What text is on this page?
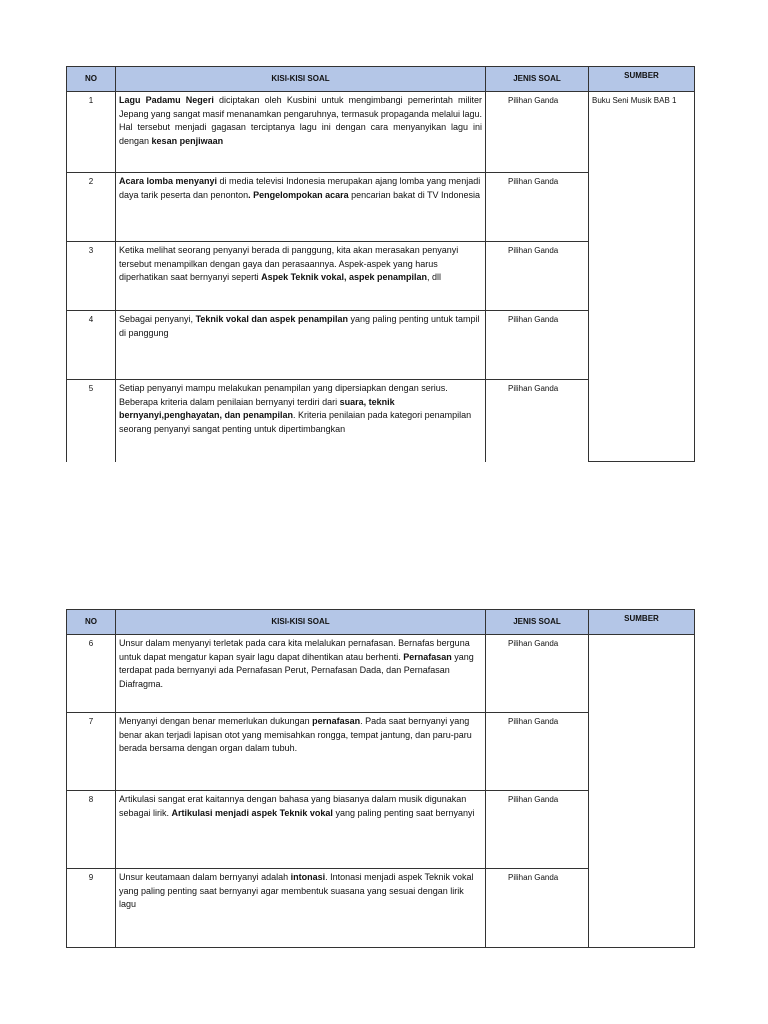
NO	KISI-KISI SOAL	JENIS SOAL	SUMBER
1	Lagu Padamu Negeri diciptakan oleh Kusbini untuk mengimbangi pemerintah militer Jepang yang sangat masif menanamkan pengaruhnya, termasuk propaganda melalui lagu. Hal tersebut menjadi gagasan terciptanya lagu ini dengan cara menyanyikan lagu ini dengan kesan penjiwaan	Pilihan Ganda	Buku Seni Musik BAB 1
2	Acara lomba menyanyi di media televisi Indonesia merupakan ajang lomba yang menjadi daya tarik peserta dan penonton. Pengelompokan acara pencarian bakat di TV Indonesia	Pilihan Ganda	
3	Ketika melihat seorang penyanyi berada di panggung, kita akan merasakan penyanyi tersebut menampilkan dengan gaya dan perasaannya. Aspek-aspek yang harus diperhatikan saat bernyanyi seperti Aspek Teknik vokal, aspek penampilan, dll	Pilihan Ganda	
4	Sebagai penyanyi, Teknik vokal dan aspek penampilan yang paling penting untuk tampil di panggung	Pilihan Ganda	
5	Setiap penyanyi mampu melakukan penampilan yang dipersiapkan dengan serius. Beberapa kriteria dalam penilaian bernyanyi terdiri dari suara, teknik bernyanyi,penghayatan, dan penampilan. Kriteria penilaian pada kategori penampilan seorang penyanyi sangat penting untuk dipertimbangkan	Pilihan Ganda	
NO	KISI-KISI SOAL	JENIS SOAL	SUMBER
6	Unsur dalam menyanyi terletak pada cara kita melalukan pernafasan. Bernafas berguna untuk dapat mengatur kapan syair lagu dapat dihentikan atau berhenti. Pernafasan yang terdapat pada bernyanyi ada Pernafasan Perut, Pernafasan Dada, dan Pernafasan Diafragma.	Pilihan Ganda	
7	Menyanyi dengan benar memerlukan dukungan pernafasan. Pada saat bernyanyi yang benar akan terjadi lapisan otot yang memisahkan rongga, tempat jantung, dan paru-paru berada bersama dengan organ dalam tubuh.	Pilihan Ganda	
8	Artikulasi sangat erat kaitannya dengan bahasa yang biasanya dalam musik digunakan sebagai lirik. Artikulasi menjadi aspek Teknik vokal yang paling penting saat bernyanyi	Pilihan Ganda	
9	Unsur keutamaan dalam bernyanyi adalah intonasi. Intonasi menjadi aspek Teknik vokal yang paling penting saat bernyanyi agar membentuk suasana yang sesuai dengan lirik lagu	Pilihan Ganda	
